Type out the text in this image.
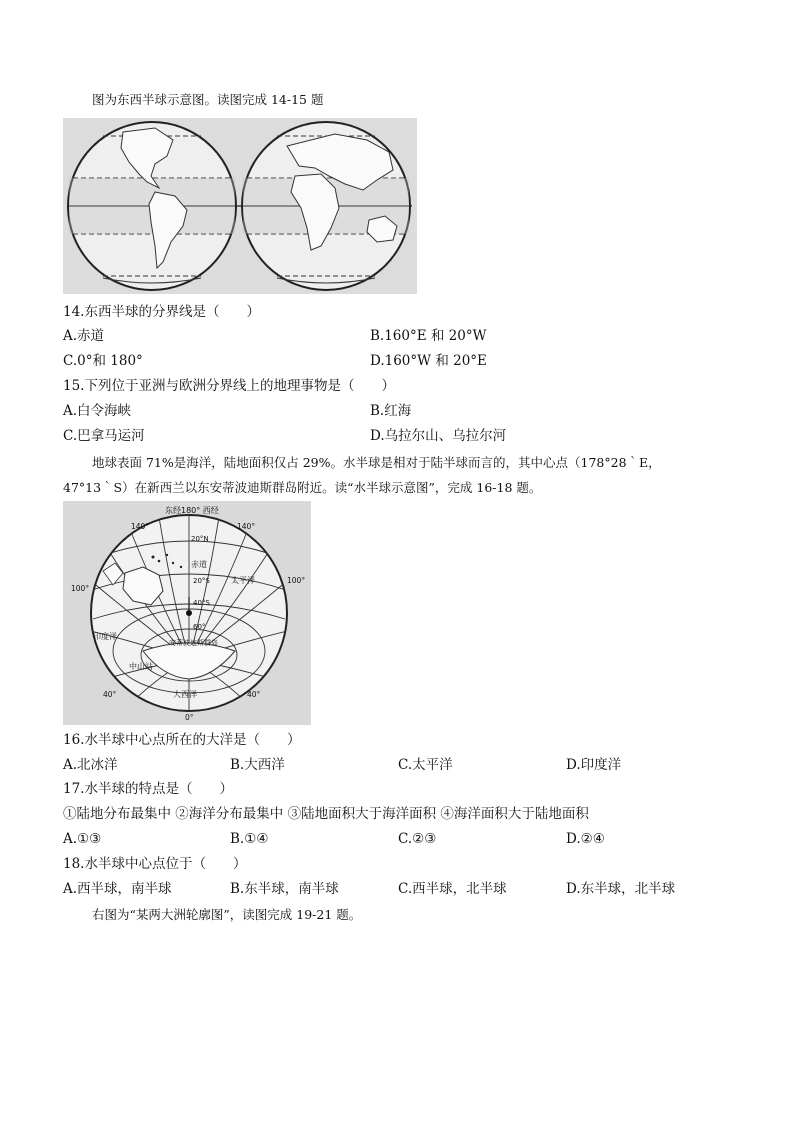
图为东西半球示意图。读图完成 14-15 题
14.东西半球的分界线是（　　）
A.赤道	B.160°E 和 20°W
C.0°和 180°	D.160°W 和 20°E
15.下列位于亚洲与欧洲分界线上的地理事物是（　　）
A.白令海峡	B.红海
C.巴拿马运河	D.乌拉尔山、乌拉尔河
地球表面 71%是海洋，陆地面积仅占 29%。水半球是相对于陆半球而言的，其中心点（178°28｀E，
47°13｀S）在新西兰以东安蒂波迪斯群岛附近。读“水半球示意图”，完成 16-18 题。
东经180° 西经
140°	140°
100°
100°
20°N
赤道
20°S
40°S
60°
太平洋
印度洋
安蒂波迪斯群岛
中山站
大西洋
40°	40°
0°
16.水半球中心点所在的大洋是（　　）
A.北冰洋	B.大西洋	C.太平洋	D.印度洋
17.水半球的特点是（　　）
①陆地分布最集中 ②海洋分布最集中 ③陆地面积大于海洋面积 ④海洋面积大于陆地面积
A.①③	B.①④	C.②③	D.②④
18.水半球中心点位于（　　）
A.西半球，南半球	B.东半球，南半球	C.西半球，北半球	D.东半球，北半球
右图为“某两大洲轮廓图”，读图完成 19-21 题。
